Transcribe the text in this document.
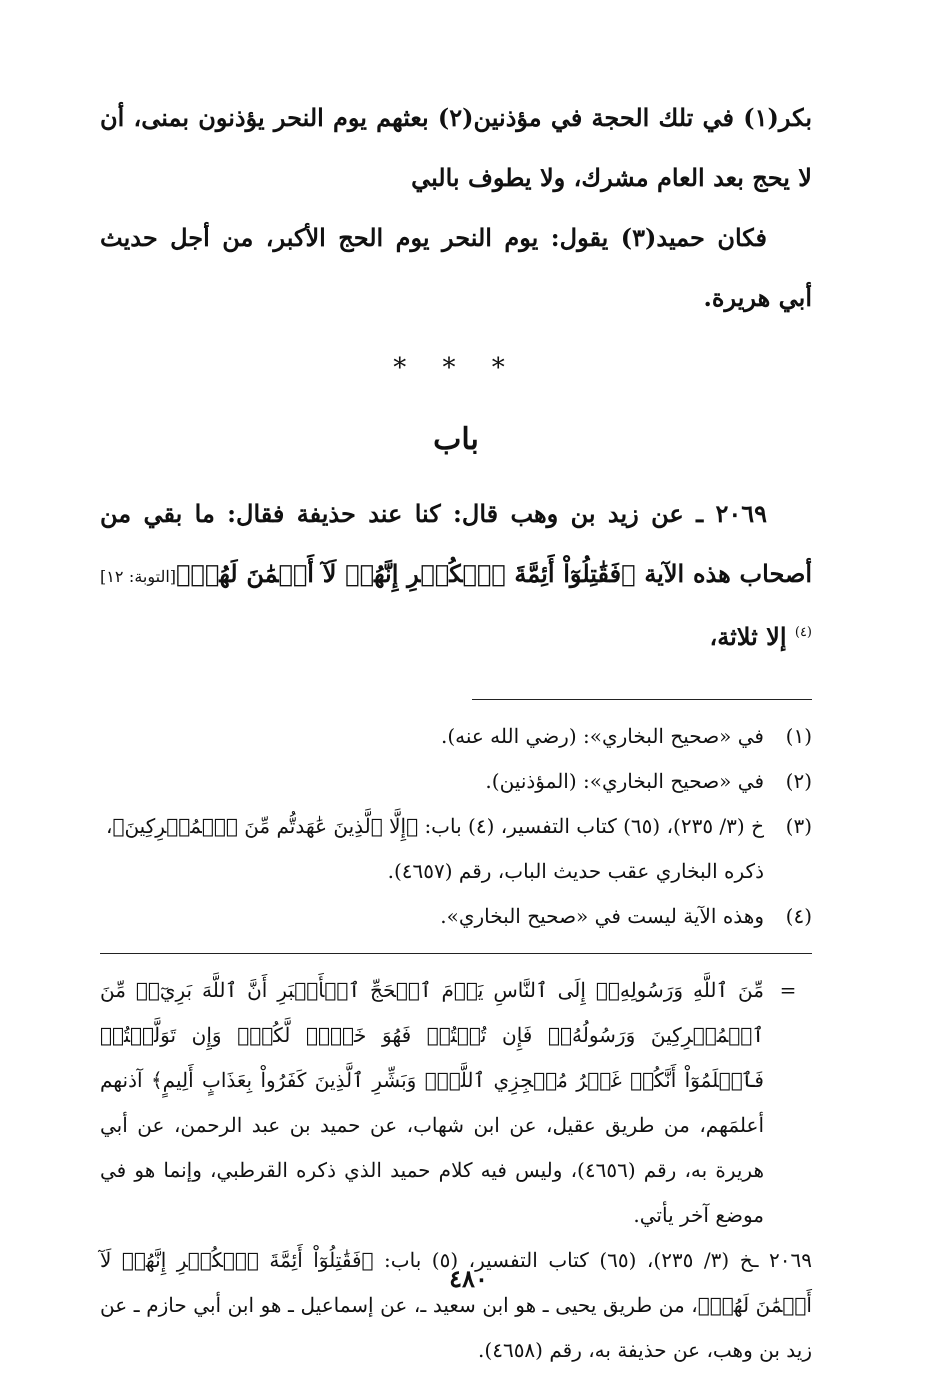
بكر(١) في تلك الحجة في مؤذنين(٢) بعثهم يوم النحر يؤذنون بمنى، أن لا يحج بعد العام مشرك، ولا يطوف بالبي

فكان حميد(٣) يقول: يوم النحر يوم الحج الأكبر، من أجل حديث أبي هريرة.

* * *
باب

٢٠٦٩ ـ عن زيد بن وهب قال: كنا عند حذيفة فقال: ما بقي من أصحاب هذه الآية ﴿فَقَٰتِلُوٓاْ أَئِمَّةَ ٱلۡكُفۡرِ إِنَّهُمۡ لَآ أَيۡمَٰنَ لَهُمۡ﴾[التوبة: ١٢]$^{(٤)}$ إلا ثلاثة،

(١)
في «صحيح البخاري»: (رضي الله عنه).
(٢)
في «صحيح البخاري»: (المؤذنين).
(٣)
خ (٣/ ٢٣٥)، (٦٥) كتاب التفسير، (٤) باب: ﴿إِلَّا ٱلَّذِينَ عَٰهَدتُّم مِّنَ ٱلۡمُشۡرِكِينَ﴾، ذكره البخاري عقب حديث الباب، رقم (٤٦٥٧).
(٤)
وهذه الآية ليست في «صحيح البخاري».
=
مِّنَ ٱللَّهِ وَرَسُولِهِۦٓ إِلَى ٱلنَّاسِ يَوۡمَ ٱلۡحَجِّ ٱلۡأَكۡبَرِ أَنَّ ٱللَّهَ بَرِيٓءٞ مِّنَ ٱلۡمُشۡرِكِينَ وَرَسُولُهُۥۚ فَإِن تُبۡتُمۡ فَهُوَ خَيۡرٞ لَّكُمۡۖ وَإِن تَوَلَّيۡتُمۡ فَٱعۡلَمُوٓاْ أَنَّكُمۡ غَيۡرُ مُعۡجِزِي ٱللَّهِۗ وَبَشِّرِ ٱلَّذِينَ كَفَرُواْ بِعَذَابٍ أَلِيمٍ﴾ آذنهم أعلمَهم، من طريق عقيل، عن ابن شهاب، عن حميد بن عبد الرحمن، عن أبي هريرة به، رقم (٤٦٥٦)، وليس فيه كلام حميد الذي ذكره القرطبي، وإنما هو في موضع آخر يأتي.

٢٠٦٩ ـخ (٣/ ٢٣٥)، (٦٥) كتاب التفسير، (٥) باب: ﴿فَقَٰتِلُوٓاْ أَئِمَّةَ ٱلۡكُفۡرِ إِنَّهُمۡ لَآ أَيۡمَٰنَ لَهُمۡ﴾، من طريق يحيى ـ هو ابن سعيد ـ، عن إسماعيل ـ هو ابن أبي حازم ـ عن زيد بن وهب، عن حذيفة به، رقم (٤٦٥٨).

٤٨٠
